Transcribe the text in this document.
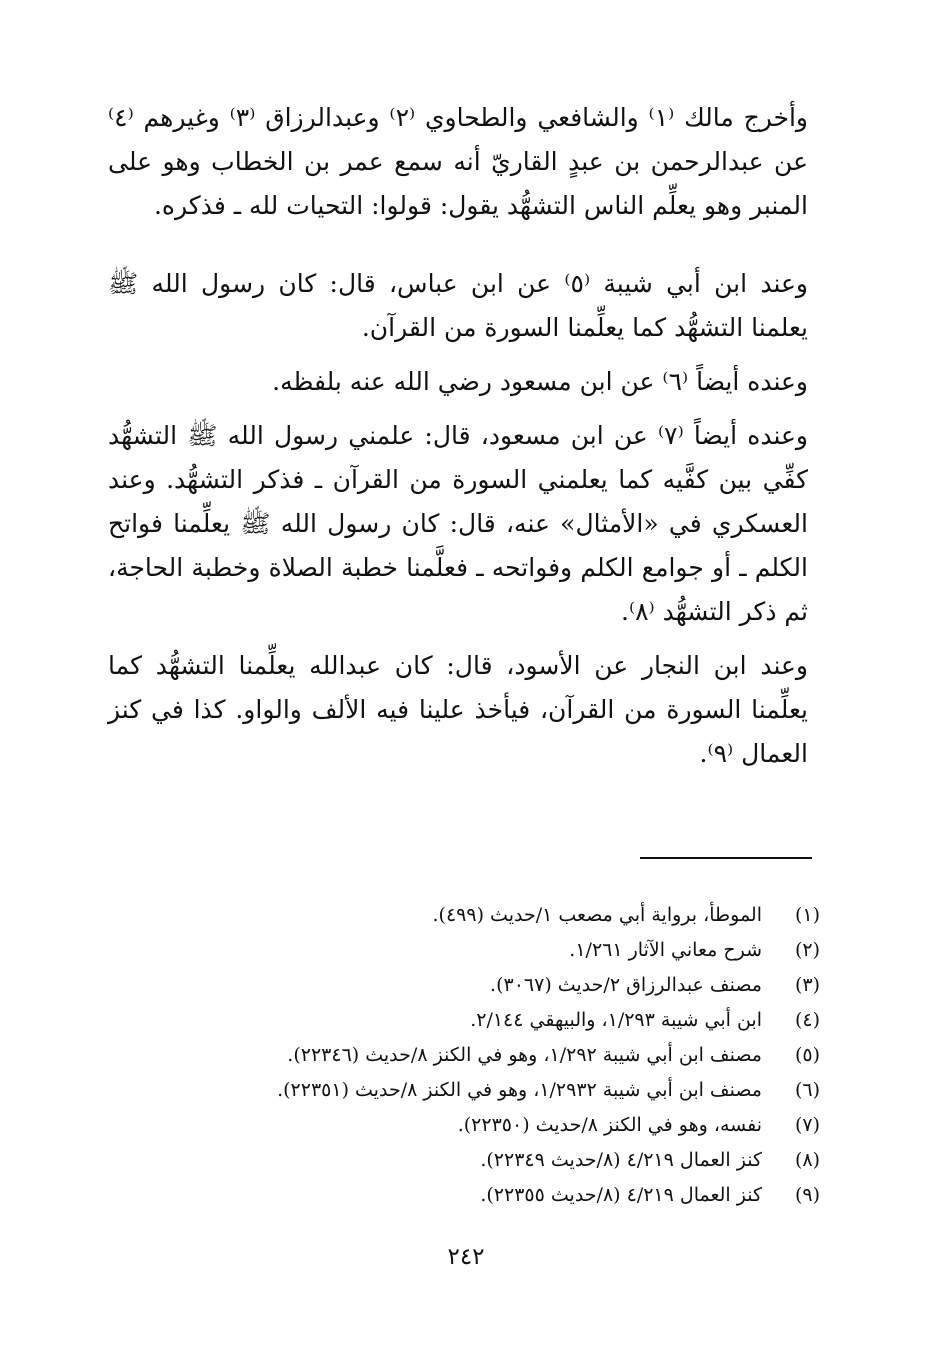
وأخرج مالك ⁽١⁾ والشافعي والطحاوي ⁽٢⁾ وعبدالرزاق ⁽٣⁾ وغيرهم ⁽٤⁾ عن عبدالرحمن بن عبدٍ القاريّ أنه سمع عمر بن الخطاب وهو على المنبر وهو يعلِّم الناس التشهُّد يقول: قولوا: التحيات لله ـ فذكره.

وعند ابن أبي شيبة ⁽٥⁾ عن ابن عباس، قال: كان رسول الله ﷺ يعلمنا التشهُّد كما يعلِّمنا السورة من القرآن.

وعنده أيضاً ⁽٦⁾ عن ابن مسعود رضي الله عنه بلفظه.

وعنده أيضاً ⁽٧⁾ عن ابن مسعود، قال: علمني رسول الله ﷺ التشهُّد كفِّي بين كفَّيه كما يعلمني السورة من القرآن ـ فذكر التشهُّد. وعند العسكري في «الأمثال» عنه، قال: كان رسول الله ﷺ يعلِّمنا فواتح الكلم ـ أو جوامع الكلم وفواتحه ـ فعلَّمنا خطبة الصلاة وخطبة الحاجة، ثم ذكر التشهُّد ⁽٨⁾.

وعند ابن النجار عن الأسود، قال: كان عبدالله يعلِّمنا التشهُّد كما يعلِّمنا السورة من القرآن، فيأخذ علينا فيه الألف والواو. كذا في كنز العمال ⁽٩⁾.

(١)
الموطأ، برواية أبي مصعب ١/حديث (٤٩٩).
(٢)
شرح معاني الآثار ١/٢٦١.
(٣)
مصنف عبدالرزاق ٢/حديث (٣٠٦٧).
(٤)
ابن أبي شيبة ١/٢٩٣، والبيهقي ٢/١٤٤.
(٥)
مصنف ابن أبي شيبة ١/٢٩٢، وهو في الكنز ٨/حديث (٢٢٣٤٦).
(٦)
مصنف ابن أبي شيبة ١/٢٩٣٢، وهو في الكنز ٨/حديث (٢٢٣٥١).
(٧)
نفسه، وهو في الكنز ٨/حديث (٢٢٣٥٠).
(٨)
كنز العمال ٤/٢١٩ (٨/حديث ٢٢٣٤٩).
(٩)
كنز العمال ٤/٢١٩ (٨/حديث ٢٢٣٥٥).
٢٤٢
